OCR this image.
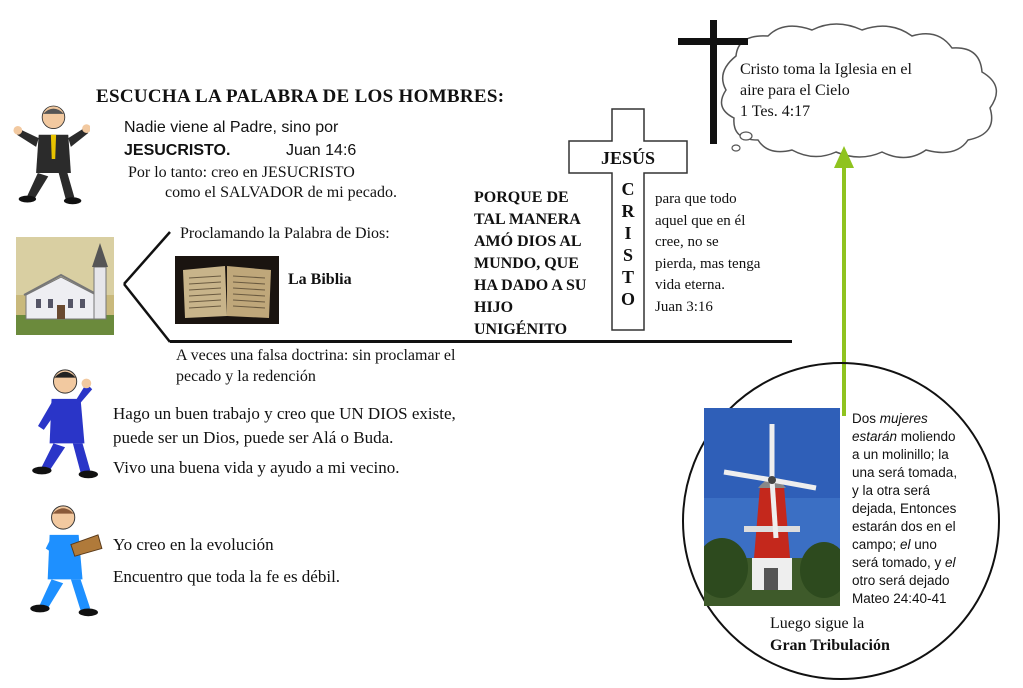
ESCUCHA LA PALABRA DE LOS HOMBRES:
Nadie viene al Padre, sino por
JESUCRISTO.	Juan 14:6
Por lo tanto: creo en JESUCRISTO
como el SALVADOR de mi pecado.
Proclamando la Palabra de Dios:
La Biblia
A veces una falsa doctrina: sin proclamar el
pecado y la redención
JESÚS
C
R
I
S
T
O
PORQUE DE
TAL MANERA
AMÓ DIOS AL
MUNDO, QUE
HA DADO A SU
HIJO
UNIGÉNITO
para que todo
aquel que en él
cree, no se
pierda, mas tenga
vida eterna.
Juan 3:16
Cristo toma la Iglesia en el
aire para el Cielo
1 Tes. 4:17
Hago un buen trabajo y creo que UN DIOS existe,
puede ser un Dios, puede ser Alá o Buda.
Vivo una buena vida y ayudo a mi vecino.
Yo creo en la evolución
Encuentro que toda la fe es débil.
Dos mujeres
estarán moliendo
a un molinillo; la
una será tomada,
y la otra será
dejada, Entonces
estarán dos en el
campo; el uno
será tomado, y el
otro será dejado
Mateo 24:40-41
Luego sigue la
Gran Tribulación
